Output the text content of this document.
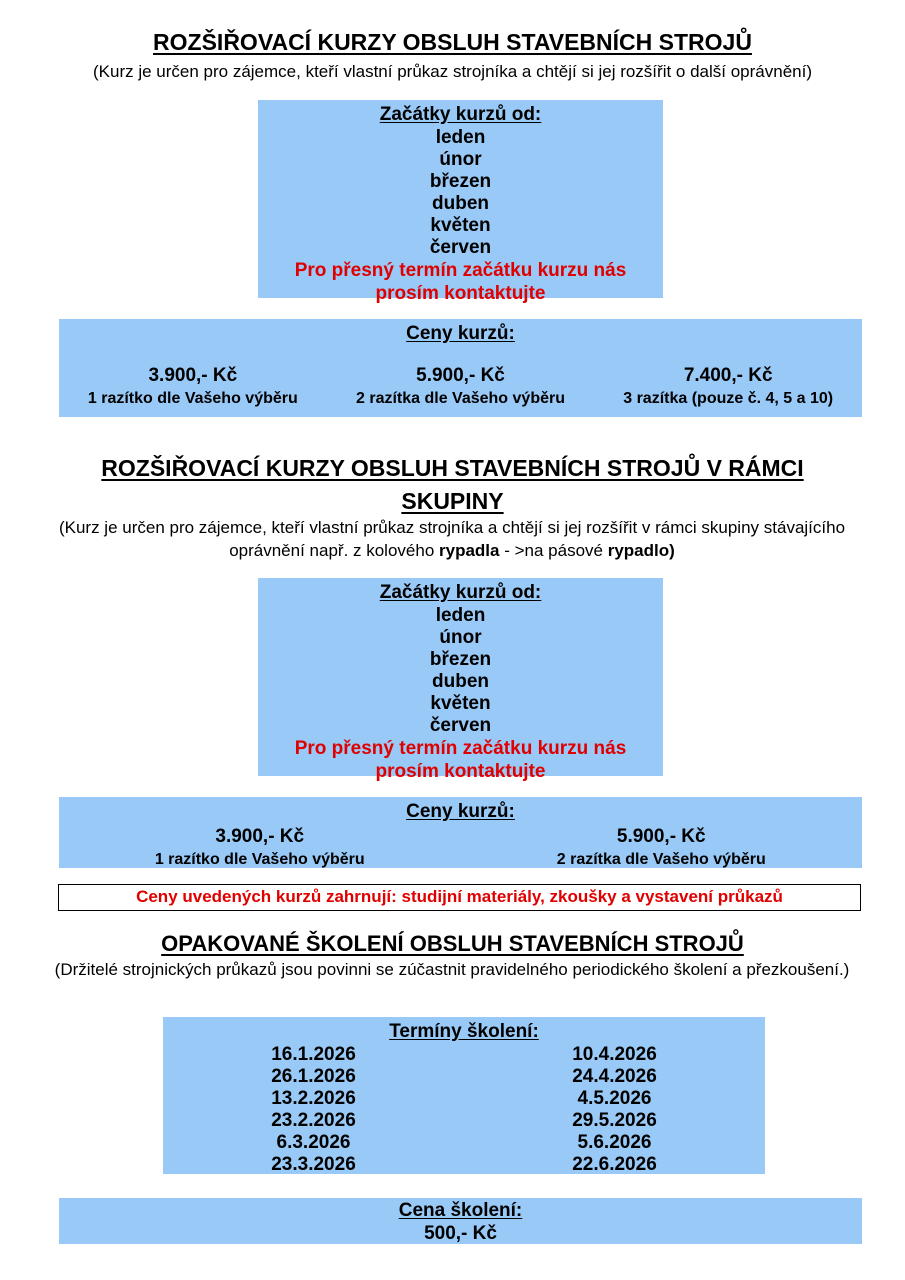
ROZŠIŘOVACÍ KURZY OBSLUH STAVEBNÍCH STROJŮ
(Kurz je určen pro zájemce, kteří vlastní průkaz strojníka a chtějí si jej rozšířit o další oprávnění)
Začátky kurzů od:
leden
únor
březen
duben
květen
červen
Pro přesný termín začátku kurzu nás
prosím kontaktujte
Ceny kurzů:
3.900,- Kč
1 razítko dle Vašeho výběru
5.900,- Kč
2 razítka dle Vašeho výběru
7.400,- Kč
3 razítka (pouze č. 4, 5 a 10)
ROZŠIŘOVACÍ KURZY OBSLUH STAVEBNÍCH STROJŮ V RÁMCI
SKUPINY
(Kurz je určen pro zájemce, kteří vlastní průkaz strojníka a chtějí si jej rozšířit v rámci skupiny stávajícího oprávnění např. z kolového rypadla - >na pásové rypadlo)
Začátky kurzů od:
leden
únor
březen
duben
květen
červen
Pro přesný termín začátku kurzu nás
prosím kontaktujte
Ceny kurzů:
3.900,- Kč
1 razítko dle Vašeho výběru
5.900,- Kč
2 razítka dle Vašeho výběru
Ceny uvedených kurzů zahrnují: studijní materiály, zkoušky a vystavení průkazů
OPAKOVANÉ ŠKOLENÍ OBSLUH STAVEBNÍCH STROJŮ
(Držitelé strojnických průkazů jsou povinni se zúčastnit pravidelného periodického školení a přezkoušení.)
Termíny školení:
16.1.2026	10.4.2026
26.1.2026	24.4.2026
13.2.2026	4.5.2026
23.2.2026	29.5.2026
6.3.2026	5.6.2026
23.3.2026	22.6.2026
Cena školení:
500,- Kč
